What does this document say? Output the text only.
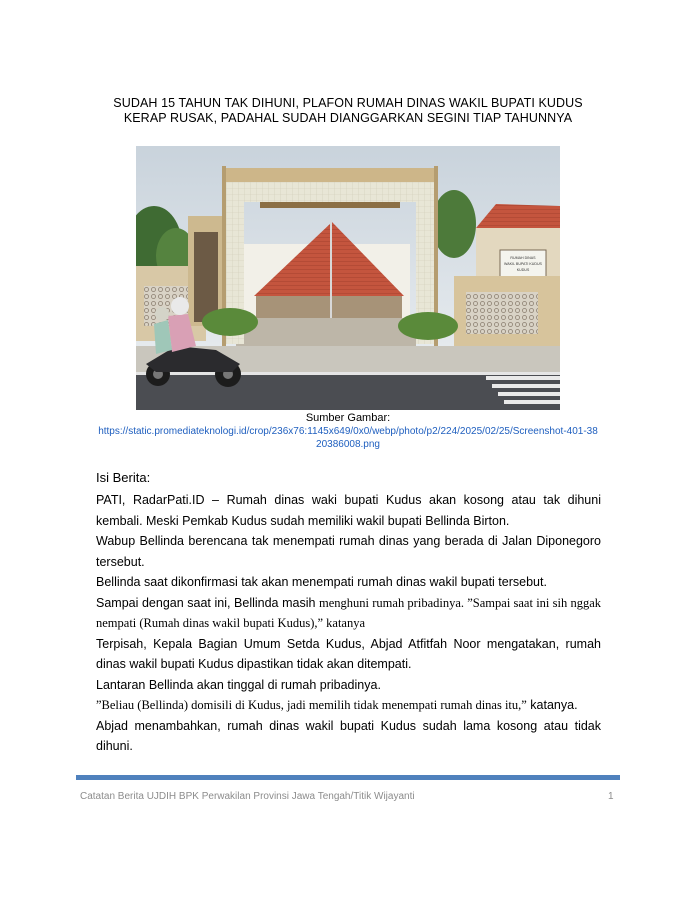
SUDAH 15 TAHUN TAK DIHUNI, PLAFON RUMAH DINAS WAKIL BUPATI KUDUS KERAP RUSAK, PADAHAL SUDAH DIANGGARKAN SEGINI TIAP TAHUNNYA
RUMAH DINAS
WAKIL BUPATI KUDUS
KUDUS
Sumber Gambar:
https://static.promediateknologi.id/crop/236x76:1145x649/0x0/webp/photo/p2/224/2025/02/25/Screenshot-401-3820386008.png
Isi Berita:

PATI, RadarPati.ID – Rumah dinas waki bupati Kudus akan kosong atau tak dihuni kembali. Meski Pemkab Kudus sudah memiliki wakil bupati Bellinda Birton.

Wabup Bellinda berencana tak menempati rumah dinas yang berada di Jalan Diponegoro tersebut.

Bellinda saat dikonfirmasi tak akan menempati rumah dinas wakil bupati tersebut.

Sampai dengan saat ini, Bellinda masih menghuni rumah pribadinya. ”Sampai saat ini sih nggak nempati (Rumah dinas wakil bupati Kudus),” katanya

Terpisah, Kepala Bagian Umum Setda Kudus, Abjad Atfitfah Noor mengatakan, rumah dinas wakil bupati Kudus dipastikan tidak akan ditempati.

Lantaran Bellinda akan tinggal di rumah pribadinya.

”Beliau (Bellinda) domisili di Kudus, jadi memilih tidak menempati rumah dinas itu,” katanya.

Abjad menambahkan, rumah dinas wakil bupati Kudus sudah lama kosong atau tidak dihuni.

Catatan Berita UJDIH BPK Perwakilan Provinsi Jawa Tengah/Titik Wijayanti	1
